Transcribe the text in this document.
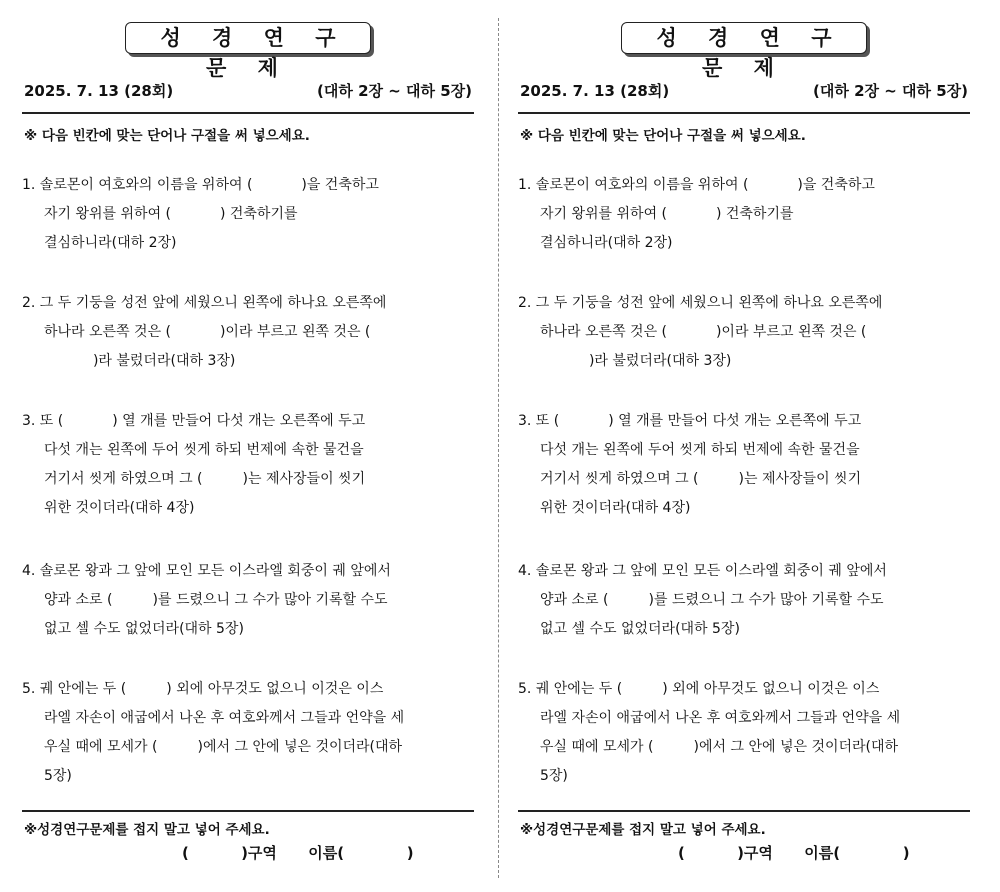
성 경 연 구 문 제
2025. 7. 13 (28회)	(대하 2장 ~ 대하 5장)
※ 다음 빈칸에 맞는 단어나 구절을 써 넣으세요.
1. 솔로몬이 여호와의 이름을 위하여 (           )을 건축하고
자기 왕위를 위하여 (           ) 건축하기를
결심하니라(대하 2장)
2. 그 두 기둥을 성전 앞에 세웠으니 왼쪽에 하나요 오른쪽에
하나라 오른쪽 것은 (           )이라 부르고 왼쪽 것은 (
)라 불렀더라(대하 3장)
3. 또 (           ) 열 개를 만들어 다섯 개는 오른쪽에 두고
다섯 개는 왼쪽에 두어 씻게 하되 번제에 속한 물건을
거기서 씻게 하였으며 그 (         )는 제사장들이 씻기
위한 것이더라(대하 4장)
4. 솔로몬 왕과 그 앞에 모인 모든 이스라엘 회중이 궤 앞에서
양과 소로 (         )를 드렸으니 그 수가 많아 기록할 수도
없고 셀 수도 없었더라(대하 5장)
5. 궤 안에는 두 (         ) 외에 아무것도 없으니 이것은 이스
라엘 자손이 애굽에서 나온 후 여호와께서 그들과 언약을 세
우실 때에 모세가 (         )에서 그 안에 넣은 것이더라(대하
5장)
※성경연구문제를 접지 말고 넣어 주세요.
(          )구역      이름(            )
성 경 연 구 문 제
2025. 7. 13 (28회)	(대하 2장 ~ 대하 5장)
※ 다음 빈칸에 맞는 단어나 구절을 써 넣으세요.
1. 솔로몬이 여호와의 이름을 위하여 (           )을 건축하고
자기 왕위를 위하여 (           ) 건축하기를
결심하니라(대하 2장)
2. 그 두 기둥을 성전 앞에 세웠으니 왼쪽에 하나요 오른쪽에
하나라 오른쪽 것은 (           )이라 부르고 왼쪽 것은 (
)라 불렀더라(대하 3장)
3. 또 (           ) 열 개를 만들어 다섯 개는 오른쪽에 두고
다섯 개는 왼쪽에 두어 씻게 하되 번제에 속한 물건을
거기서 씻게 하였으며 그 (         )는 제사장들이 씻기
위한 것이더라(대하 4장)
4. 솔로몬 왕과 그 앞에 모인 모든 이스라엘 회중이 궤 앞에서
양과 소로 (         )를 드렸으니 그 수가 많아 기록할 수도
없고 셀 수도 없었더라(대하 5장)
5. 궤 안에는 두 (         ) 외에 아무것도 없으니 이것은 이스
라엘 자손이 애굽에서 나온 후 여호와께서 그들과 언약을 세
우실 때에 모세가 (         )에서 그 안에 넣은 것이더라(대하
5장)
※성경연구문제를 접지 말고 넣어 주세요.
(          )구역      이름(            )
